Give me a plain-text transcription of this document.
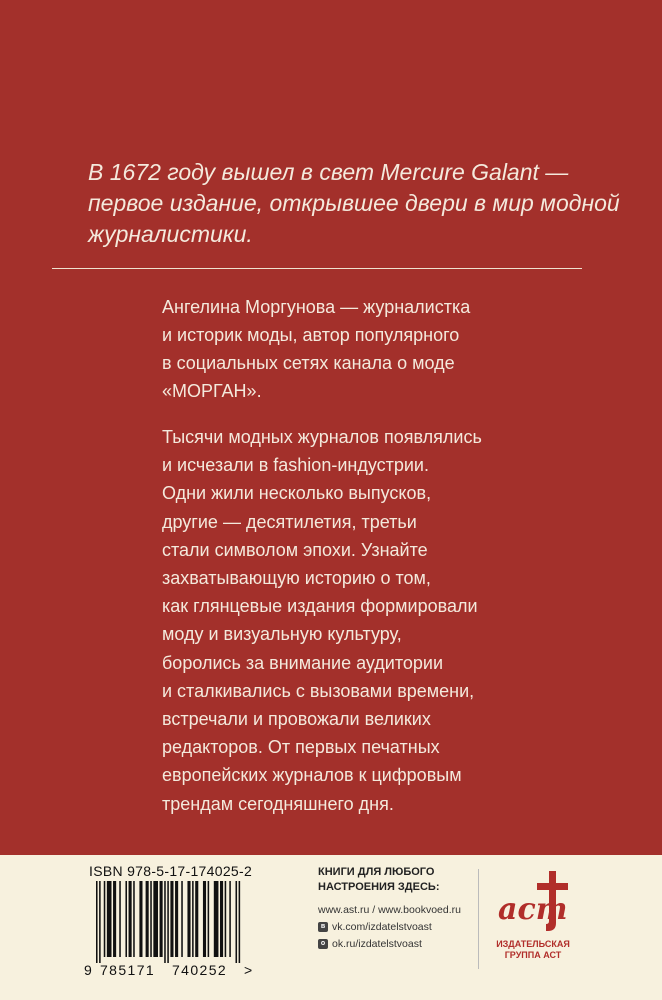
В 1672 году вышел в свет Mercure Galant —
первое издание, открывшее двери в мир модной
журналистики.
Ангелина Моргунова — журналистка
и историк моды, автор популярного
в социальных сетях канала о моде
«МОРГАН».
Тысячи модных журналов появлялись
и исчезали в fashion-индустрии.
Одни жили несколько выпусков,
другие — десятилетия, третьи
стали символом эпохи. Узнайте
захватывающую историю о том,
как глянцевые издания формировали
моду и визуальную культуру,
боролись за внимание аудитории
и сталкивались с вызовами времени,
встречали и провожали великих
редакторов. От первых печатных
европейских журналов к цифровым
трендам сегодняшнего дня.
ISBN 978-5-17-174025-2
9 785171 740252 >
КНИГИ ДЛЯ ЛЮБОГО
НАСТРОЕНИЯ ЗДЕСЬ:
www.ast.ru / www.bookvoed.ru
в vk.com/izdatelstvoast
о ok.ru/izdatelstvoast
аст
ИЗДАТЕЛЬСКАЯ
ГРУППА АСТ
